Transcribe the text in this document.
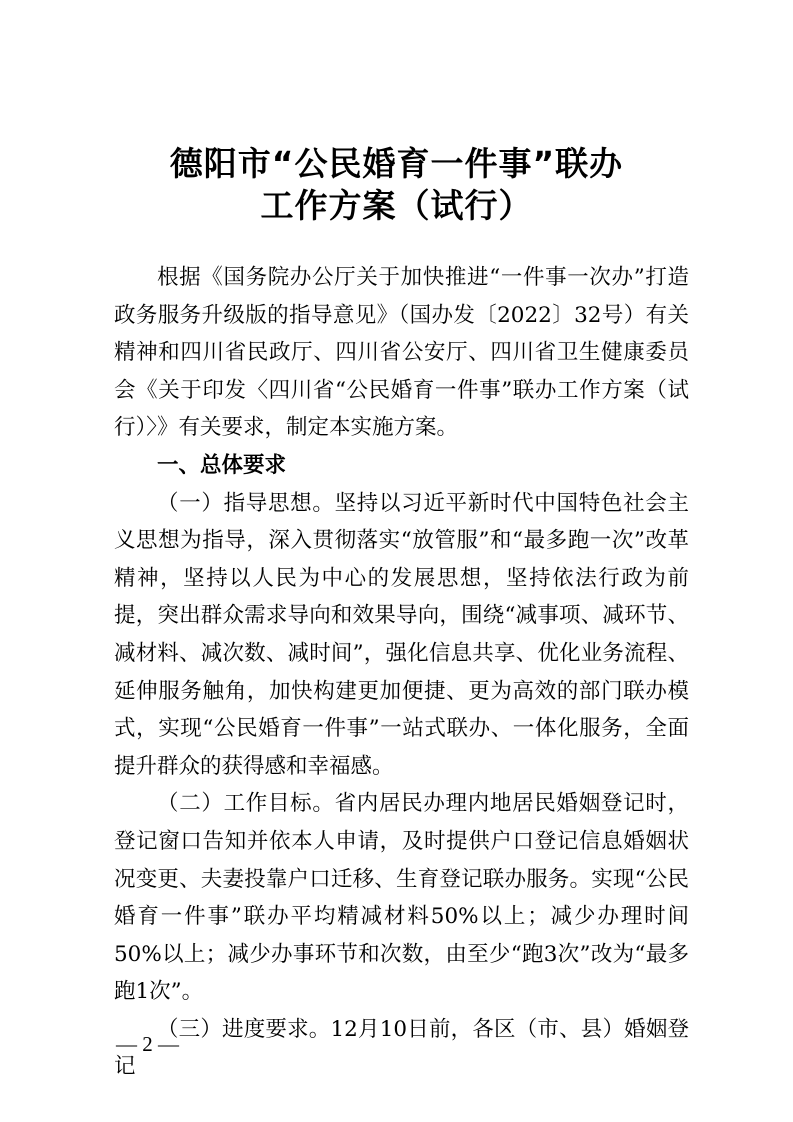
德阳市“公民婚育一件事”联办
工作方案（试行）

根据《国务院办公厅关于加快推进“一件事一次办”打造政务服务升级版的指导意见》（国办发〔2022〕32号）有关精神和四川省民政厅、四川省公安厅、四川省卫生健康委员会《关于印发〈四川省“公民婚育一件事”联办工作方案（试行）〉》有关要求，制定本实施方案。

一、总体要求

（一）指导思想。坚持以习近平新时代中国特色社会主义思想为指导，深入贯彻落实“放管服”和“最多跑一次”改革精神，坚持以人民为中心的发展思想，坚持依法行政为前提，突出群众需求导向和效果导向，围绕“减事项、减环节、减材料、减次数、减时间”，强化信息共享、优化业务流程、延伸服务触角，加快构建更加便捷、更为高效的部门联办模式，实现“公民婚育一件事”一站式联办、一体化服务，全面提升群众的获得感和幸福感。

（二）工作目标。省内居民办理内地居民婚姻登记时，登记窗口告知并依本人申请，及时提供户口登记信息婚姻状况变更、夫妻投靠户口迁移、生育登记联办服务。实现“公民婚育一件事”联办平均精减材料50%以上；减少办理时间50%以上；减少办事环节和次数，由至少“跑3次”改为“最多跑1次”。

（三）进度要求。12月10日前，各区（市、县）婚姻登记

— 2 —
